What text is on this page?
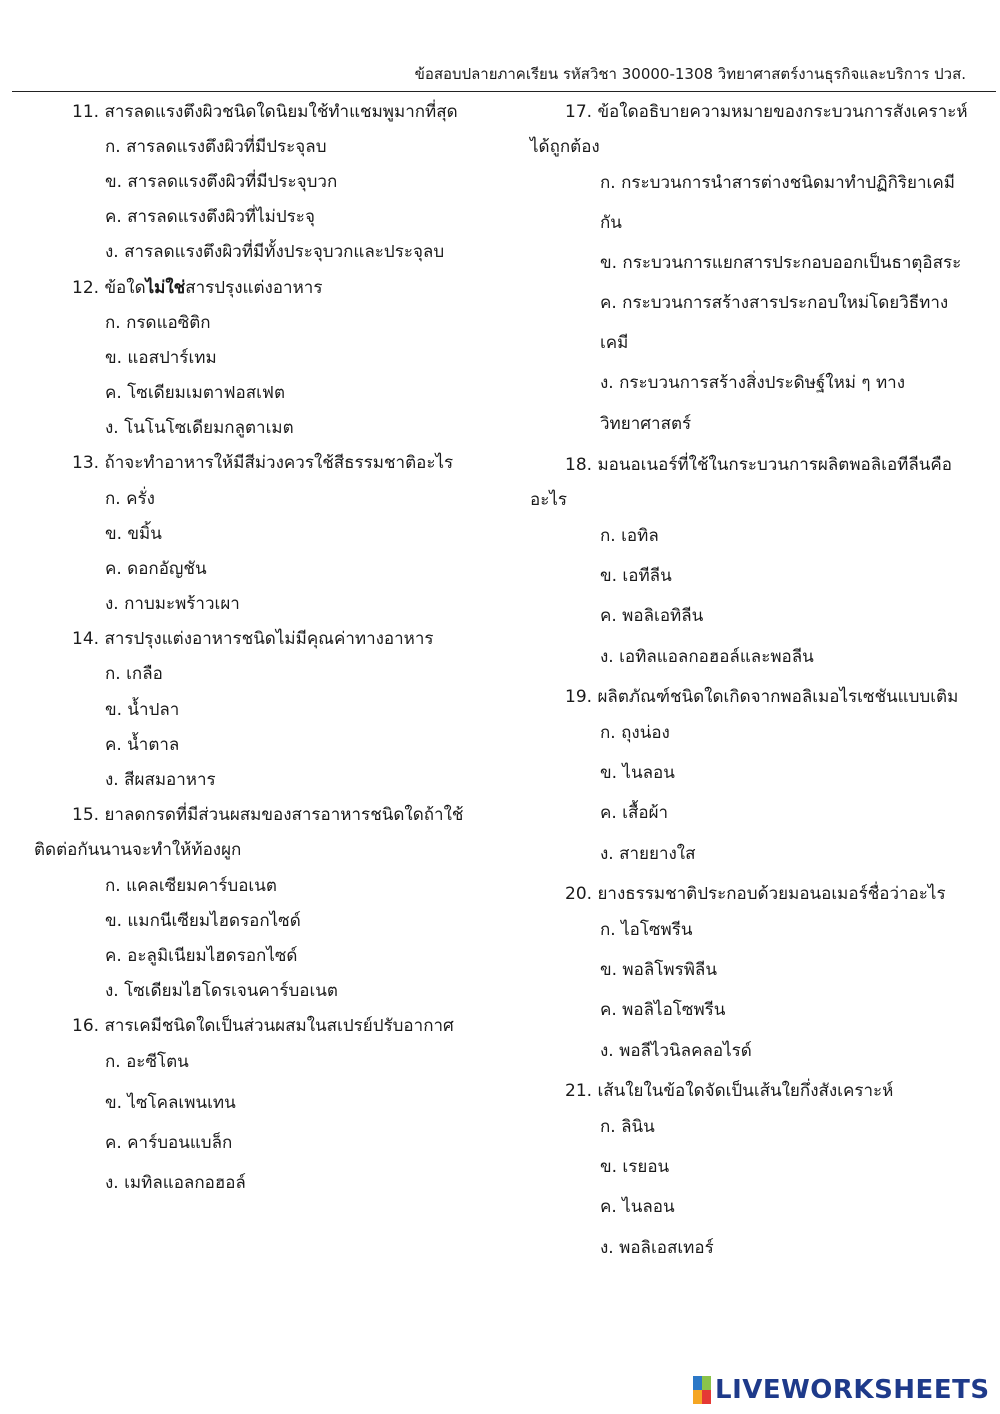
ข้อสอบปลายภาคเรียน รหัสวิชา 30000-1308 วิทยาศาสตร์งานธุรกิจและบริการ ปวส.
11. สารลดแรงตึงผิวชนิดใดนิยมใช้ทำแชมพูมากที่สุด
ก. สารลดแรงตึงผิวที่มีประจุลบ
ข. สารลดแรงตึงผิวที่มีประจุบวก
ค. สารลดแรงตึงผิวที่ไม่ประจุ
ง. สารลดแรงตึงผิวที่มีทั้งประจุบวกและประจุลบ
12. ข้อใดไม่ใช่สารปรุงแต่งอาหาร
ก. กรดแอซิติก
ข. แอสปาร์เทม
ค. โซเดียมเมตาฟอสเฟต
ง. โนโนโซเดียมกลูตาเมต
13. ถ้าจะทำอาหารให้มีสีม่วงควรใช้สีธรรมชาติอะไร
ก. ครั่ง
ข. ขมิ้น
ค. ดอกอัญชัน
ง. กาบมะพร้าวเผา
14. สารปรุงแต่งอาหารชนิดไม่มีคุณค่าทางอาหาร
ก. เกลือ
ข. น้ำปลา
ค. น้ำตาล
ง. สีผสมอาหาร
15. ยาลดกรดที่มีส่วนผสมของสารอาหารชนิดใดถ้าใช้
ติดต่อกันนานจะทำให้ท้องผูก
ก. แคลเซียมคาร์บอเนต
ข. แมกนีเซียมไฮดรอกไซด์
ค. อะลูมิเนียมไฮดรอกไซด์
ง. โซเดียมไฮโดรเจนคาร์บอเนต
16. สารเคมีชนิดใดเป็นส่วนผสมในสเปรย์ปรับอากาศ
ก. อะซีโตน
ข. ไซโคลเพนเทน
ค. คาร์บอนแบล็ก
ง. เมทิลแอลกอฮอล์
17. ข้อใดอธิบายความหมายของกระบวนการสังเคราะห์
ได้ถูกต้อง
ก. กระบวนการนำสารต่างชนิดมาทำปฏิกิริยาเคมี
กัน
ข. กระบวนการแยกสารประกอบออกเป็นธาตุอิสระ
ค. กระบวนการสร้างสารประกอบใหม่โดยวิธีทาง
เคมี
ง. กระบวนการสร้างสิ่งประดิษฐ์ใหม่ ๆ ทาง
วิทยาศาสตร์
18. มอนอเนอร์ที่ใช้ในกระบวนการผลิตพอลิเอทีลีนคือ
อะไร
ก. เอทิล
ข. เอทีลีน
ค. พอลิเอทิลีน
ง. เอทิลแอลกอฮอล์และพอลีน
19. ผลิตภัณฑ์ชนิดใดเกิดจากพอลิเมอไรเซชันแบบเติม
ก. ถุงน่อง
ข. ไนลอน
ค. เสื้อผ้า
ง. สายยางใส
20. ยางธรรมชาติประกอบด้วยมอนอเมอร์ชื่อว่าอะไร
ก. ไอโซพรีน
ข. พอลิโพรพิลีน
ค. พอลิไอโซพรีน
ง. พอลีไวนิลคลอไรด์
21. เส้นใยในข้อใดจัดเป็นเส้นใยกึ่งสังเคราะห์
ก. ลินิน
ข. เรยอน
ค. ไนลอน
ง. พอลิเอสเทอร์
LIVEWORKSHEETS
